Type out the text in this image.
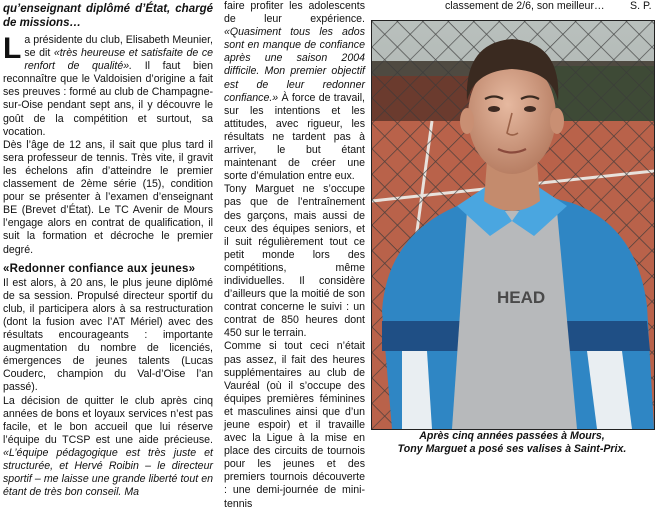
qu’enseignant diplômé d’État, chargé de missions…

La présidente du club, Elisabeth Meunier, se dit «très heureuse et satisfaite de ce renfort de qualité». Il faut bien reconnaître que le Valdoisien d’origine a fait ses preuves : formé au club de Champagne-sur-Oise pendant sept ans, il y découvre le goût de la compétition et surtout, sa vocation.

Dès l’âge de 12 ans, il sait que plus tard il sera professeur de tennis. Très vite, il gravit les échelons afin d’atteindre le premier classement de 2ème série (15), condition pour se présenter à l’examen d’enseignant BE (Brevet d’État). Le TC Avenir de Mours l’engage alors en contrat de qualification, il suit la formation et décroche le premier degré.

«Redonner confiance aux jeunes»

Il est alors, à 20 ans, le plus jeune diplômé de sa session. Propulsé directeur sportif du club, il participera alors à sa restructuration (dont la fusion avec l’AT Mériel) avec des résultats encourageants : importante augmentation du nombre de licenciés, émergences de jeunes talents (Lucas Couderc, champion du Val-d’Oise l’an passé).

La décision de quitter le club après cinq années de bons et loyaux services n’est pas facile, et le bon accueil que lui réserve l’équipe du TCSP est une aide précieuse. «L’équipe pédagogique est très juste et structurée, et Hervé Roibin – le directeur sportif – me laisse une grande liberté tout en étant de très bon conseil. Ma

faire profiter les adolescents de leur expérience. «Quasiment tous les ados sont en manque de confiance après une saison 2004 difficile. Mon premier objectif est de leur redonner confiance.» À force de travail, sur les intentions et les attitudes, avec rigueur, les résultats ne tardent pas à arriver, le but étant maintenant de créer une sorte d’émulation entre eux.

Tony Marguet ne s’occupe pas que de l’entraînement des garçons, mais aussi de ceux des équipes seniors, et il suit régulièrement tout ce petit monde lors des compétitions, même individuelles. Il considère d’ailleurs que la moitié de son contrat concerne le suivi : un contrat de 850 heures dont 450 sur le terrain.

Comme si tout ceci n’était pas assez, il fait des heures supplémentaires au club de Vauréal (où il s’occupe des équipes premières féminines et masculines ainsi que d’un jeune espoir) et il travaille avec la Ligue à la mise en place des circuits de tournois pour les jeunes et des premiers tournois découverte : une demi-journée de mini-tennis

classement de 2/6, son meilleur… S. P.
HEAD
Après cinq années passées à Mours,
Tony Marguet a posé ses valises à Saint-Prix.
